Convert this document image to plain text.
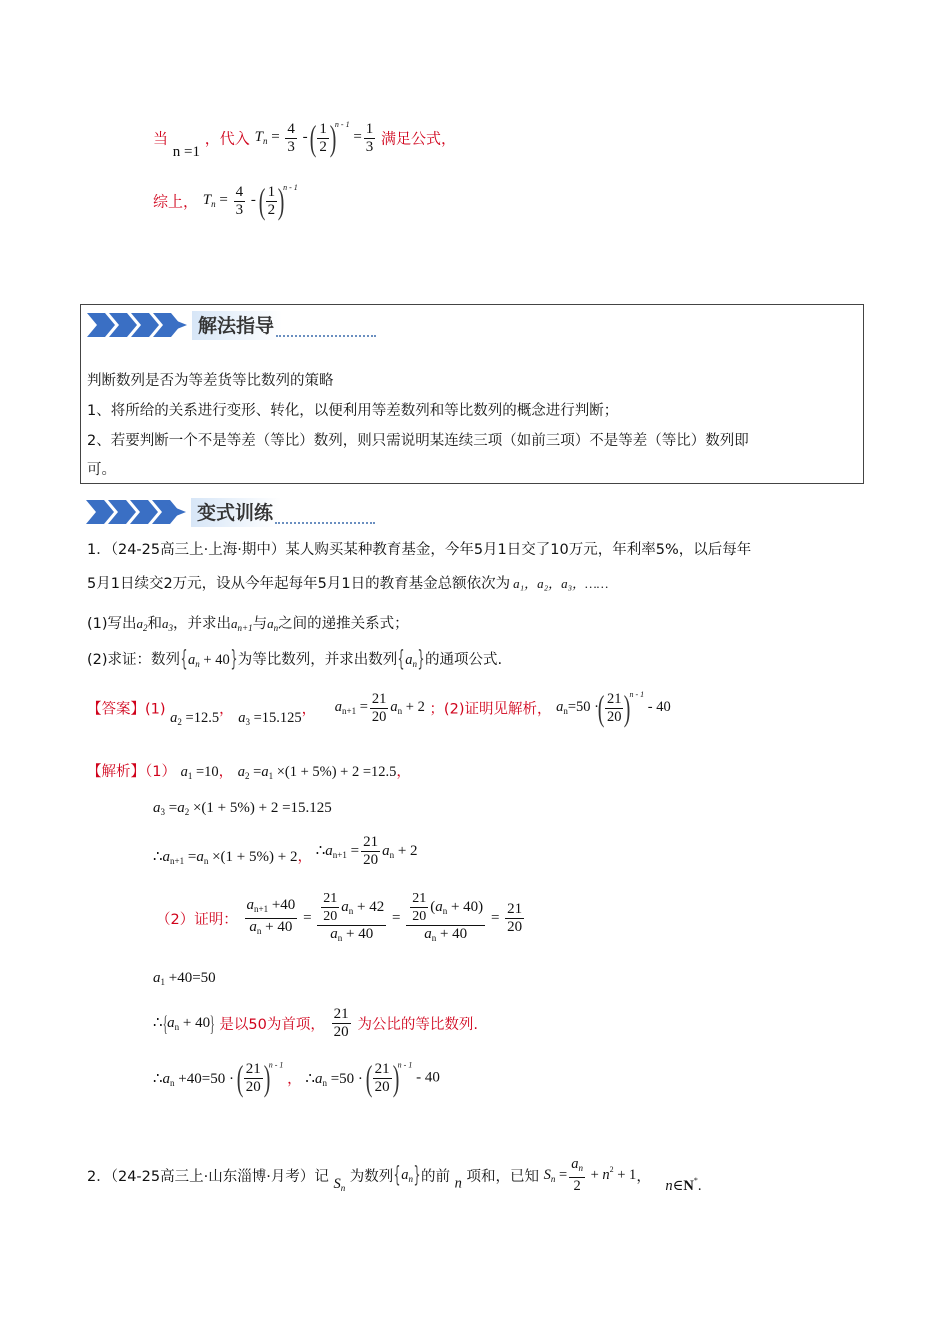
当 n =1 ，代入 $T_n = \frac{4}{3}$ - ( $\frac{1}{2} )^{n - 1} = \frac{1}{3}$ 满足公式，
综上， $T_n = \frac{4}{3}$ - ( $\frac{1}{2} )^{n - 1}$
解法指导
判断数列是否为等差货等比数列的策略
1、将所给的关系进行变形、转化，以便利用等差数列和等比数列的概念进行判断；
2、若要判断一个不是等差（等比）数列，则只需说明某连续三项（如前三项）不是等差（等比）数列即
可。
变式训练
1．（24-25高三上·上海·期中）某人购买某种教育基金，今年5月1日交了10万元，年利率5%，以后每年
5月1日续交2万元，设从今年起每年5月1日的教育基金总额依次为 a₁，a₂，a₃，……
(1)写出$a_2$和$a_3$，并求出$a_{n+1}$与$a_n$之间的递推关系式；
(2)求证：数列$\{a_n + 40\}$为等比数列，并求出数列$\{a_n\}$的通项公式.
【答案】(1) $a_2 =12.5$， $a_3 =15.125$， $a_{n+1} = \frac{21}{20} a_n + 2$ ；(2)证明见解析， $a_n=50$ ·( $\frac{21}{20} )^{n - 1} - 40$
【解析】（1） $a_1 =10$， $a_2 =a_1 \times(1 + 5\%) + 2 =12.5$，
$a_3 =a_2 \times(1 + 5\%) + 2 =15.125$
$\therefore a_{n+1} =a_n \times(1 + 5\%) + 2$， $\therefore a_{n+1} = \frac{21}{20} a_n + 2$
（2）证明： $\frac{a_{n+1} +40}{a_n + 40} = \frac{\frac{21}{20} a_n + 42}{a_n + 40} = \frac{\frac{21}{20} (a_n + 40)}{a_n + 40} = \frac{21}{20}$
$a_1 +40=50$
$\therefore\{a_n + 40\}$ 是以50为首项， $\frac{21}{20}$ 为公比的等比数列.
$\therefore a_n +40=50$ · ( $\frac{21}{20} )^{n - 1}$ ， $\therefore a_n =50$ · ( $\frac{21}{20} )^{n - 1} - 40$
2．（24-25高三上·山东淄博·月考）记 $S_n$ 为数列$\{a_n\}$的前 n 项和，已知 $S_n = \frac{a_n}{2} + n^2 + 1$， n∈N*.
